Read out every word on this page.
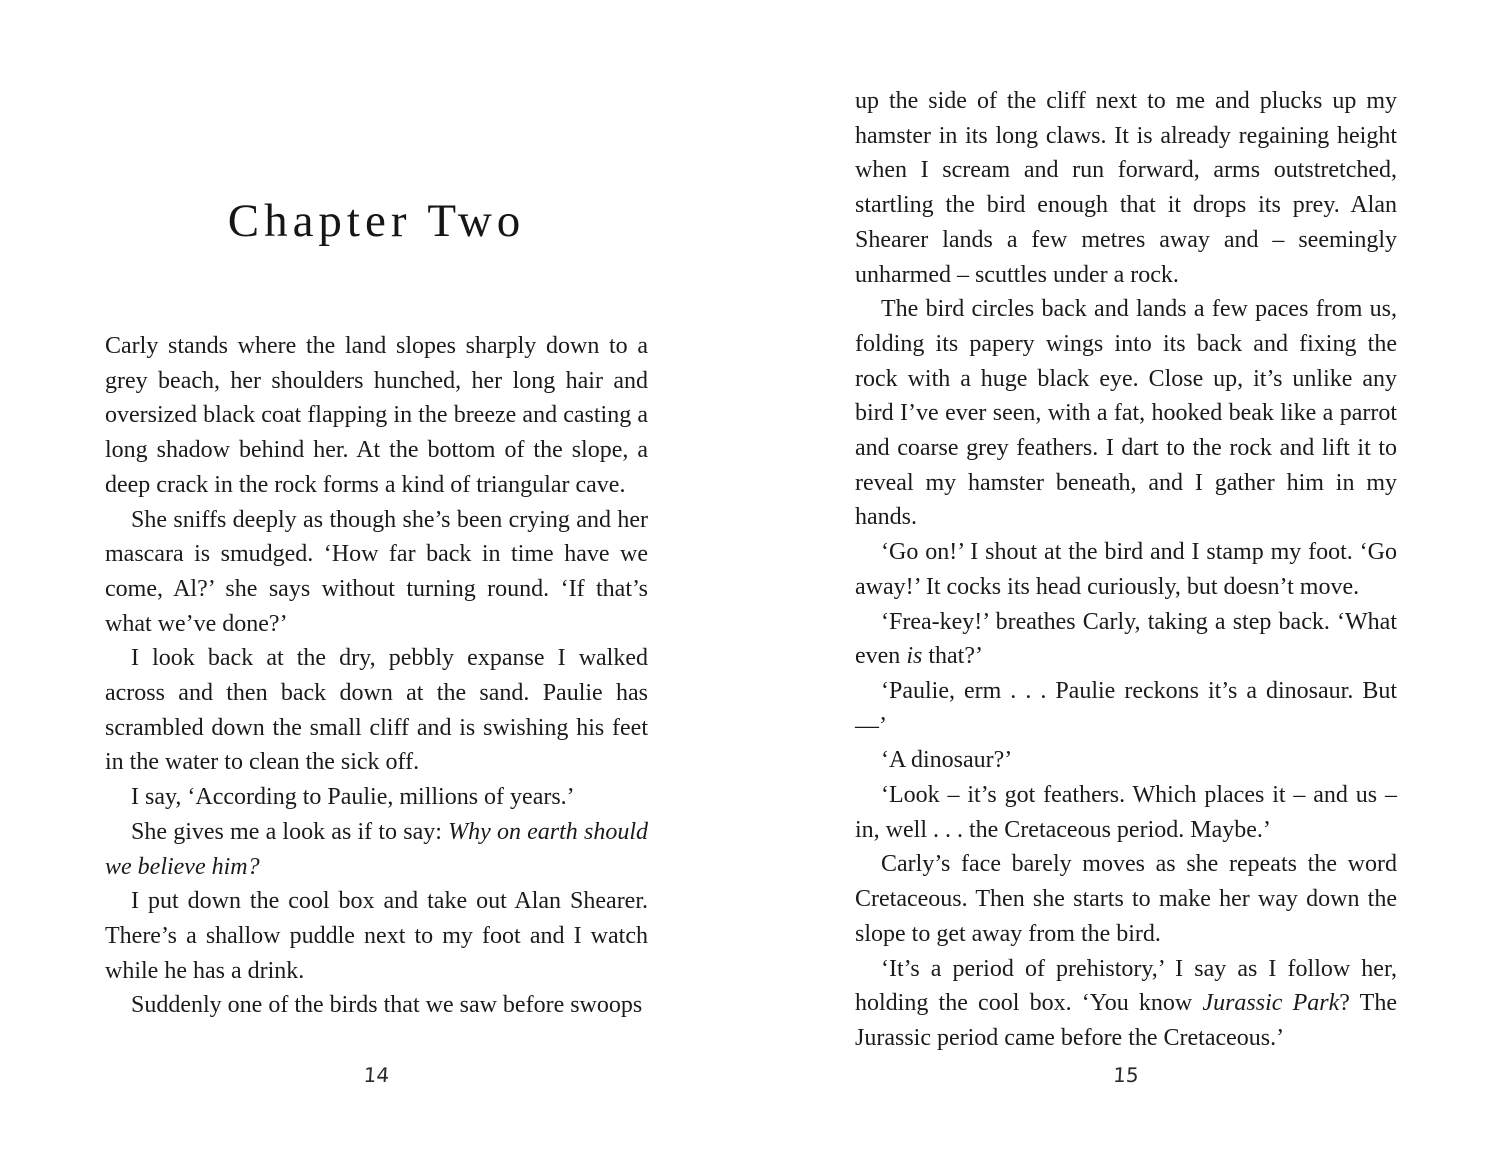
Chapter Two

Carly stands where the land slopes sharply down to a grey beach, her shoulders hunched, her long hair and oversized black coat flapping in the breeze and casting a long shadow behind her. At the bottom of the slope, a deep crack in the rock forms a kind of triangular cave.

She sniffs deeply as though she’s been crying and her mascara is smudged. ‘How far back in time have we come, Al?’ she says without turning round. ‘If that’s what we’ve done?’

I look back at the dry, pebbly expanse I walked across and then back down at the sand. Paulie has scrambled down the small cliff and is swishing his feet in the water to clean the sick off.

I say, ‘According to Paulie, millions of years.’

She gives me a look as if to say: Why on earth should we believe him?

I put down the cool box and take out Alan Shearer. There’s a shallow puddle next to my foot and I watch while he has a drink.

Suddenly one of the birds that we saw before swoops

14

up the side of the cliff next to me and plucks up my hamster in its long claws. It is already regaining height when I scream and run forward, arms outstretched, startling the bird enough that it drops its prey. Alan Shearer lands a few metres away and – seemingly unharmed – scuttles under a rock.

The bird circles back and lands a few paces from us, folding its papery wings into its back and fixing the rock with a huge black eye. Close up, it’s unlike any bird I’ve ever seen, with a fat, hooked beak like a parrot and coarse grey feathers. I dart to the rock and lift it to reveal my hamster beneath, and I gather him in my hands.

‘Go on!’ I shout at the bird and I stamp my foot. ‘Go away!’ It cocks its head curiously, but doesn’t move.

‘Frea-key!’ breathes Carly, taking a step back. ‘What even is that?’

‘Paulie, erm . . . Paulie reckons it’s a dinosaur. But—’

‘A dinosaur?’

‘Look – it’s got feathers. Which places it – and us – in, well . . . the Cretaceous period. Maybe.’

Carly’s face barely moves as she repeats the word Cretaceous. Then she starts to make her way down the slope to get away from the bird.

‘It’s a period of prehistory,’ I say as I follow her, holding the cool box. ‘You know Jurassic Park? The Jurassic period came before the Cretaceous.’

15
